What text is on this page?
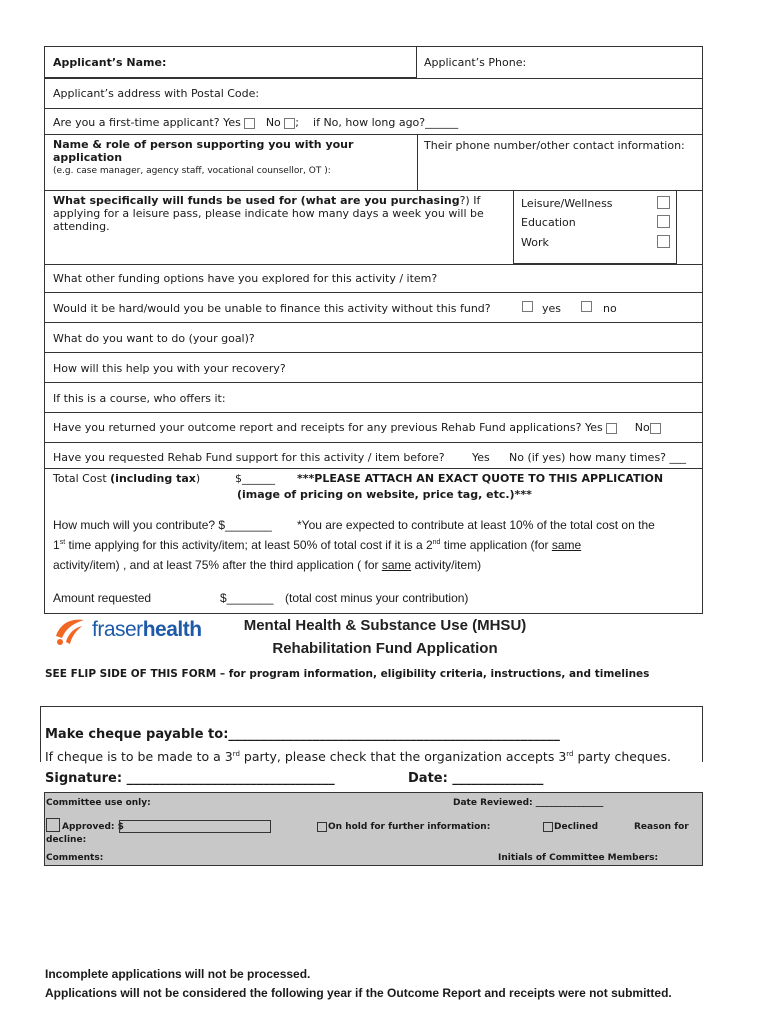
Applicant’s Name:	Applicant’s Phone:
Applicant’s address with Postal Code:
Are you a first-time applicant? Yes No ; if No, how long ago?______
Name & role of person supporting you with your application
(e.g. case manager, agency staff, vocational counsellor, OT ):
Their phone number/other contact information:
What specifically will funds be used for (what are you purchasing?) If applying for a leisure pass, please indicate how many days a week you will be attending.
Leisure/Wellness
Education
Work
What other funding options have you explored for this activity / item?
Would it be hard/would you be unable to finance this activity without this fund?	yes	no
What do you want to do (your goal)?
How will this help you with your recovery?
If this is a course, who offers it:
Have you returned your outcome report and receipts for any previous Rehab Fund applications? Yes	No
Have you requested Rehab Fund support for this activity / item before? Yes No (if yes) how many times? ___
Total Cost (including tax)	$______ ***PLEASE ATTACH AN EXACT QUOTE TO THIS APPLICATION
(image of pricing on website, price tag, etc.)***
How much will you contribute? $_______ *You are expected to contribute at least 10% of the total cost on the
1st time applying for this activity/item; at least 50% of total cost if it is a 2nd time application (for same
activity/item) , and at least 75% after the third application ( for same activity/item)
Amount requested	$_______ (total cost minus your contribution)
fraserhealth	Mental Health & Substance Use (MHSU)
Rehabilitation Fund Application
SEE FLIP SIDE OF THIS FORM – for program information, eligibility criteria, instructions, and timelines
Make cheque payable to:___________________________________________________
If cheque is to be made to a 3rd party, please check that the organization accepts 3rd party cheques.
Signature: ________________________________	Date: ______________
Committee use only:	Date Reviewed: _______________
Approved: $	On hold for further information:	Declined	Reason for
decline:
Comments:	Initials of Committee Members:
Incomplete applications will not be processed.
Applications will not be considered the following year if the Outcome Report and receipts were not submitted.
